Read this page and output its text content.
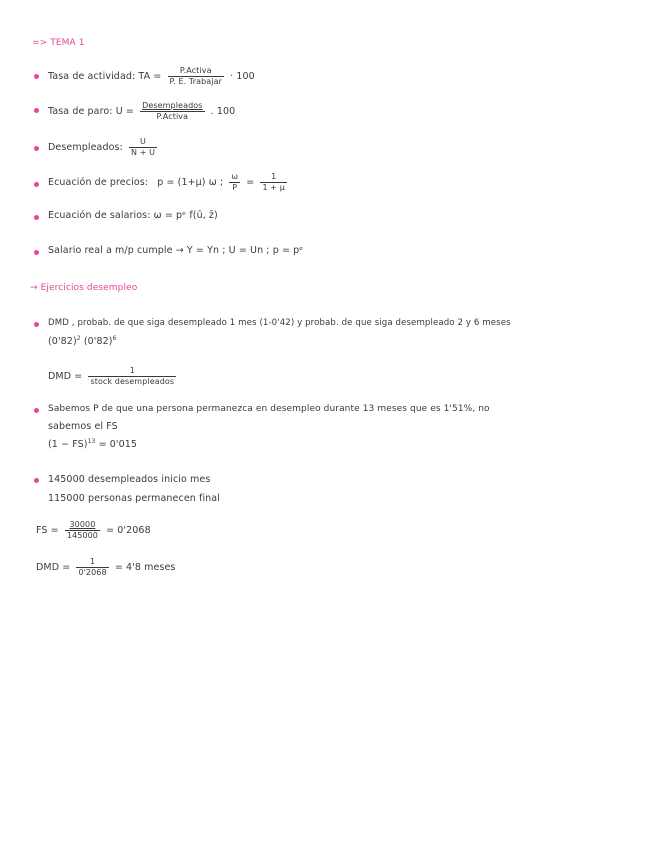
=> TEMA 1
Tasa de actividad: TA = $\frac{\text{P.Activa}}{\text{P. E. Trabajar}} \cdot 100$
Tasa de paro: $U = \frac{\text{Desempleados}}{\text{P.Activa}}$ . 100
Desempleados: $\frac{U}{N + U}$
Ecuación de precios: p = (1+μ) ω ; $\frac{\omega}{P} = \frac{1}{1 + \mu}$
Ecuación de salarios: ω = pᵉ f(ū, z̄)
Salario real a m/p cumple → Y = Yn ; U = Un ; p = pᵉ
→ Ejercicios desempleo
DMD , probab. de que siga desempleado 1 mes (1-0'42) y probab. de que siga desempleado 2 y 6 meses
$(0'82)^2$ $(0'82)^6$
DMD = $\frac{1}{\text{stock desempleados}}$
Sabemos P de que una persona permanezca en desempleo durante 13 meses que es 1'51%, no
sabemos el FS
(1 − FS)$^{13}$ = 0'015
145000 desempleados inicio mes
115000 personas permanecen final
FS = $\frac{30000}{145000} = 0'2068$
DMD = $\frac{1}{0'2068} = 4'8$ meses
